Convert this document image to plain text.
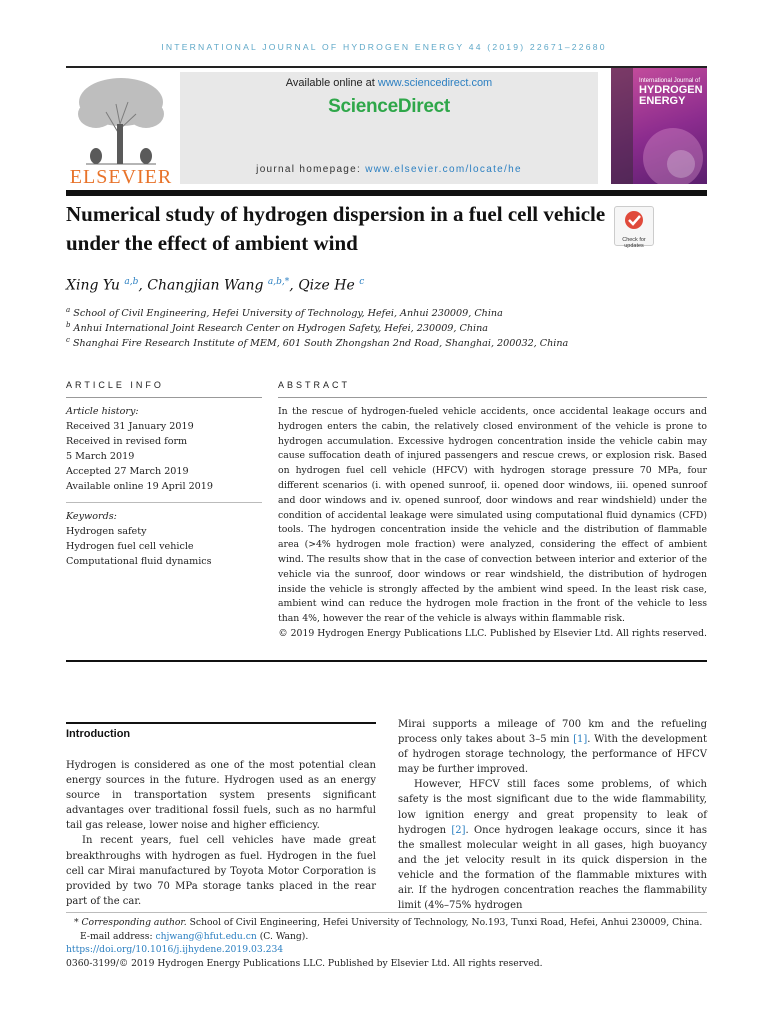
INTERNATIONAL JOURNAL OF HYDROGEN ENERGY 44 (2019) 22671–22680
ELSEVIER
Available online at www.sciencedirect.com
ScienceDirect
journal homepage: www.elsevier.com/locate/he
International Journal of
HYDROGEN ENERGY
Numerical study of hydrogen dispersion in a fuel cell vehicle under the effect of ambient wind	Check for updates
Xing Yu $^{a,b}$, Changjian Wang $^{a,b,*}$, Qize He $^c$
$^a$ School of Civil Engineering, Hefei University of Technology, Hefei, Anhui 230009, China
$^b$ Anhui International Joint Research Center on Hydrogen Safety, Hefei, 230009, China
$^c$ Shanghai Fire Research Institute of MEM, 601 South Zhongshan 2nd Road, Shanghai, 200032, China
ARTICLE INFO
Article history:
Received 31 January 2019
Received in revised form
5 March 2019
Accepted 27 March 2019
Available online 19 April 2019
Keywords:
Hydrogen safety
Hydrogen fuel cell vehicle
Computational fluid dynamics
ABSTRACT
In the rescue of hydrogen-fueled vehicle accidents, once accidental leakage occurs and hydrogen enters the cabin, the relatively closed environment of the vehicle is prone to hydrogen accumulation. Excessive hydrogen concentration inside the vehicle cabin may cause suffocation death of injured passengers and rescue crews, or explosion risk. Based on hydrogen fuel cell vehicle (HFCV) with hydrogen storage pressure 70 MPa, four different scenarios (i. with opened sunroof, ii. opened door windows, iii. opened sunroof and door windows and iv. opened sunroof, door windows and rear windshield) under the condition of accidental leakage were simulated using computational fluid dynamics (CFD) tools. The hydrogen concentration inside the vehicle and the distribution of flammable area (>4% hydrogen mole fraction) were analyzed, considering the effect of ambient wind. The results show that in the case of convection between interior and exterior of the vehicle via the sunroof, door windows or rear windshield, the distribution of hydrogen inside the vehicle is strongly affected by the ambient wind speed. In the least risk case, ambient wind can reduce the hydrogen mole fraction in the front of the vehicle to less than 4%, however the rear of the vehicle is always within flammable risk.

© 2019 Hydrogen Energy Publications LLC. Published by Elsevier Ltd. All rights reserved.
Introduction

Hydrogen is considered as one of the most potential clean energy sources in the future. Hydrogen used as an energy source in transportation system presents significant advantages over traditional fossil fuels, such as no harmful tail gas release, lower noise and higher efficiency.

In recent years, fuel cell vehicles have made great breakthroughs with hydrogen as fuel. Hydrogen in the fuel cell car Mirai manufactured by Toyota Motor Corporation is provided by two 70 MPa storage tanks placed in the rear part of the car.

Mirai supports a mileage of 700 km and the refueling process only takes about 3–5 min [1]. With the development of hydrogen storage technology, the performance of HFCV may be further improved.

However, HFCV still faces some problems, of which safety is the most significant due to the wide flammability, low ignition energy and great propensity to leak of hydrogen [2]. Once hydrogen leakage occurs, since it has the smallest molecular weight in all gases, high buoyancy and the jet velocity result in its quick dispersion in the vehicle and the formation of the flammable mixtures with air. If the hydrogen concentration reaches the flammability limit (4%–75% hydrogen

* Corresponding author. School of Civil Engineering, Hefei University of Technology, No.193, Tunxi Road, Hefei, Anhui 230009, China.
E-mail address: chjwang@hfut.edu.cn (C. Wang).
https://doi.org/10.1016/j.ijhydene.2019.03.234
0360-3199/© 2019 Hydrogen Energy Publications LLC. Published by Elsevier Ltd. All rights reserved.
